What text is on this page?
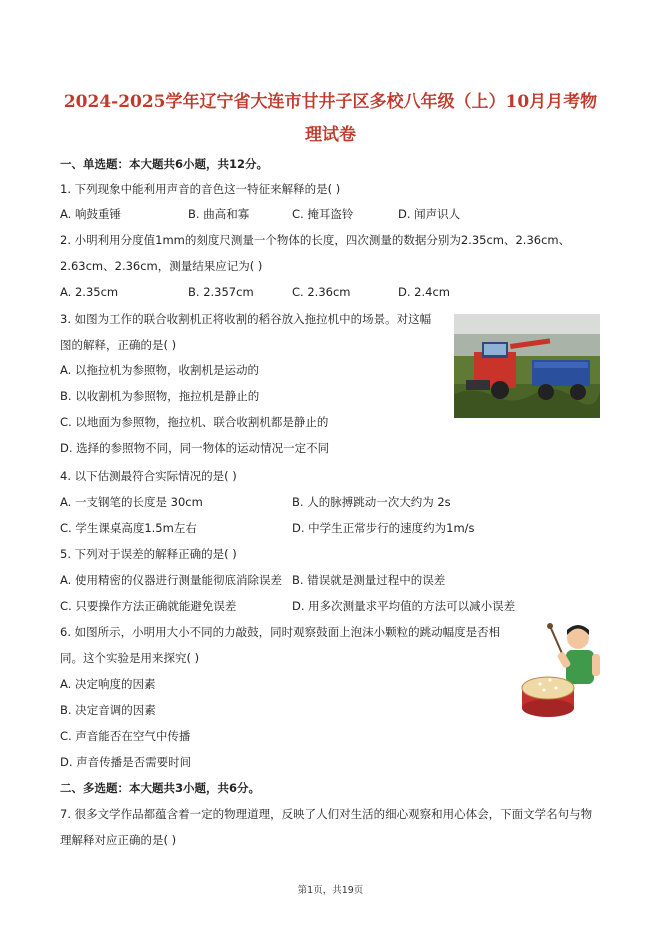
2024-2025学年辽宁省大连市甘井子区多校八年级（上）10月月考物
理试卷
一、单选题：本大题共6小题，共12分。
1. 下列现象中能利用声音的音色这一特征来解释的是( )
A. 响鼓重锤	B. 曲高和寡	C. 掩耳盗铃	D. 闻声识人
2. 小明利用分度值1mm的刻度尺测量一个物体的长度，四次测量的数据分别为2.35cm、2.36cm、
2.63cm、2.36cm，测量结果应记为( )
A. 2.35cm	B. 2.357cm	C. 2.36cm	D. 2.4cm
3. 如图为工作的联合收割机正将收割的稻谷放入拖拉机中的场景。对这幅
图的解释，正确的是( )
A. 以拖拉机为参照物，收割机是运动的
B. 以收割机为参照物，拖拉机是静止的
C. 以地面为参照物，拖拉机、联合收割机都是静止的
D. 选择的参照物不同，同一物体的运动情况一定不同
4. 以下估测最符合实际情况的是( )
A. 一支钢笔的长度是 30cm	B. 人的脉搏跳动一次大约为 2s
C. 学生课桌高度1.5m左右	D. 中学生正常步行的速度约为1m/s
5. 下列对于误差的解释正确的是( )
A. 使用精密的仪器进行测量能彻底消除误差 B. 错误就是测量过程中的误差
C. 只要操作方法正确就能避免误差	D. 用多次测量求平均值的方法可以减小误差
6. 如图所示，小明用大小不同的力敲鼓，同时观察鼓面上泡沫小颗粒的跳动幅度是否相
同。这个实验是用来探究( )
A. 决定响度的因素
B. 决定音调的因素
C. 声音能否在空气中传播
D. 声音传播是否需要时间
二、多选题：本大题共3小题，共6分。
7. 很多文学作品都蕴含着一定的物理道理，反映了人们对生活的细心观察和用心体会，下面文学名句与物
理解释对应正确的是( )
第1页，共19页
